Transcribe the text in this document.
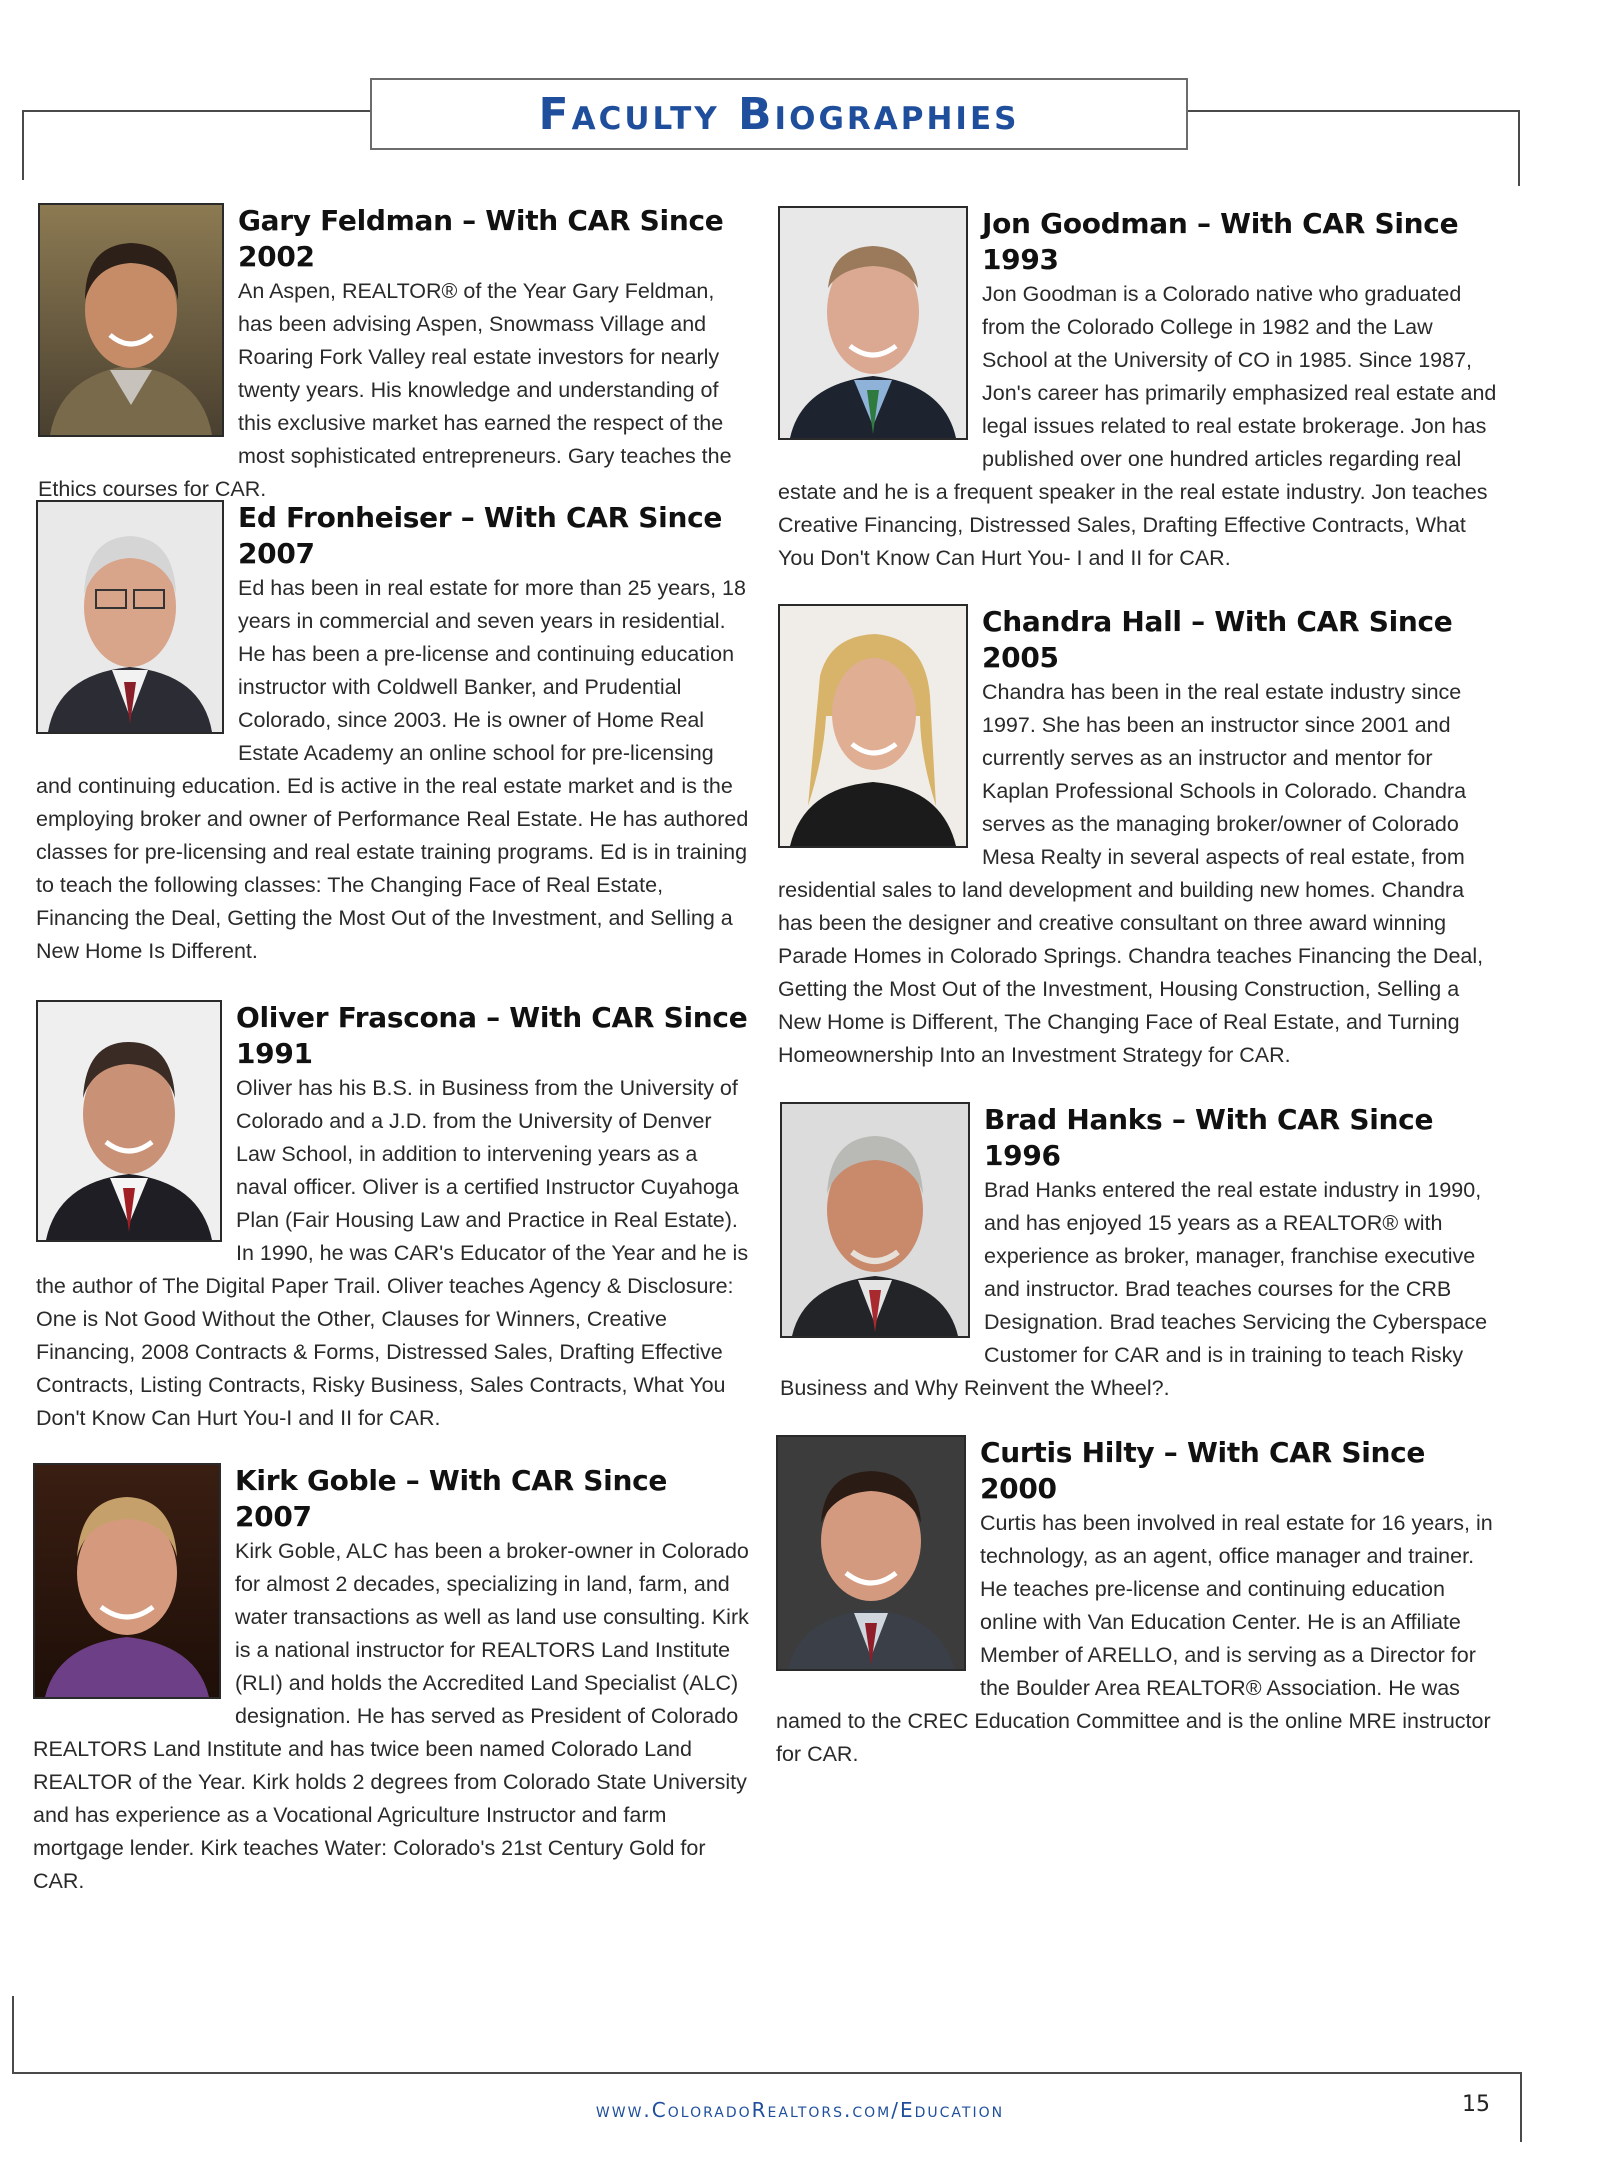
Faculty Biographies
Gary Feldman – With CAR Since 2002

An Aspen, REALTOR® of the Year Gary Feldman, has been advising Aspen, Snowmass Village and Roaring Fork Valley real estate investors for nearly twenty years. His knowledge and understanding of this exclusive market has earned the respect of the most sophisticated entrepreneurs. Gary teaches the Ethics courses for CAR.

Ed Fronheiser – With CAR Since 2007

Ed has been in real estate for more than 25 years, 18 years in commercial and seven years in residential. He has been a pre-license and continuing education instructor with Coldwell Banker, and Prudential Colorado, since 2003. He is owner of Home Real Estate Academy an online school for pre-licensing and continuing education. Ed is active in the real estate market and is the employing broker and owner of Performance Real Estate. He has authored classes for pre-licensing and real estate training programs. Ed is in training to teach the following classes: The Changing Face of Real Estate, Financing the Deal, Getting the Most Out of the Investment, and Selling a New Home Is Different.

Oliver Frascona – With CAR Since 1991

Oliver has his B.S. in Business from the University of Colorado and a J.D. from the University of Denver Law School, in addition to intervening years as a naval officer. Oliver is a certified Instructor Cuyahoga Plan (Fair Housing Law and Practice in Real Estate). In 1990, he was CAR's Educator of the Year and he is the author of The Digital Paper Trail. Oliver teaches Agency & Disclosure: One is Not Good Without the Other, Clauses for Winners, Creative Financing, 2008 Contracts & Forms, Distressed Sales, Drafting Effective Contracts, Listing Contracts, Risky Business, Sales Contracts, What You Don't Know Can Hurt You-I and II for CAR.

Kirk Goble – With CAR Since 2007

Kirk Goble, ALC has been a broker-owner in Colorado for almost 2 decades, specializing in land, farm, and water transactions as well as land use consulting. Kirk is a national instructor for REALTORS Land Institute (RLI) and holds the Accredited Land Specialist (ALC) designation. He has served as President of Colorado REALTORS Land Institute and has twice been named Colorado Land REALTOR of the Year. Kirk holds 2 degrees from Colorado State University and has experience as a Vocational Agriculture Instructor and farm mortgage lender. Kirk teaches Water: Colorado's 21st Century Gold for CAR.

Jon Goodman – With CAR Since 1993

Jon Goodman is a Colorado native who graduated from the Colorado College in 1982 and the Law School at the University of CO in 1985. Since 1987, Jon's career has primarily emphasized real estate and legal issues related to real estate brokerage. Jon has published over one hundred articles regarding real estate and he is a frequent speaker in the real estate industry. Jon teaches Creative Financing, Distressed Sales, Drafting Effective Contracts, What You Don't Know Can Hurt You- I and II for CAR.

Chandra Hall – With CAR Since 2005

Chandra has been in the real estate industry since 1997. She has been an instructor since 2001 and currently serves as an instructor and mentor for Kaplan Professional Schools in Colorado. Chandra serves as the managing broker/owner of Colorado Mesa Realty in several aspects of real estate, from residential sales to land development and building new homes. Chandra has been the designer and creative consultant on three award winning Parade Homes in Colorado Springs. Chandra teaches Financing the Deal, Getting the Most Out of the Investment, Housing Construction, Selling a New Home is Different, The Changing Face of Real Estate, and Turning Homeownership Into an Investment Strategy for CAR.

Brad Hanks – With CAR Since 1996

Brad Hanks entered the real estate industry in 1990, and has enjoyed 15 years as a REALTOR® with experience as broker, manager, franchise executive and instructor. Brad teaches courses for the CRB Designation. Brad teaches Servicing the Cyberspace Customer for CAR and is in training to teach Risky Business and Why Reinvent the Wheel?.

Curtis Hilty – With CAR Since 2000

Curtis has been involved in real estate for 16 years, in technology, as an agent, office manager and trainer. He teaches pre-license and continuing education online with Van Education Center. He is an Affiliate Member of ARELLO, and is serving as a Director for the Boulder Area REALTOR® Association. He was named to the CREC Education Committee and is the online MRE instructor for CAR.

www.ColoradoRealtors.com/Education	15
